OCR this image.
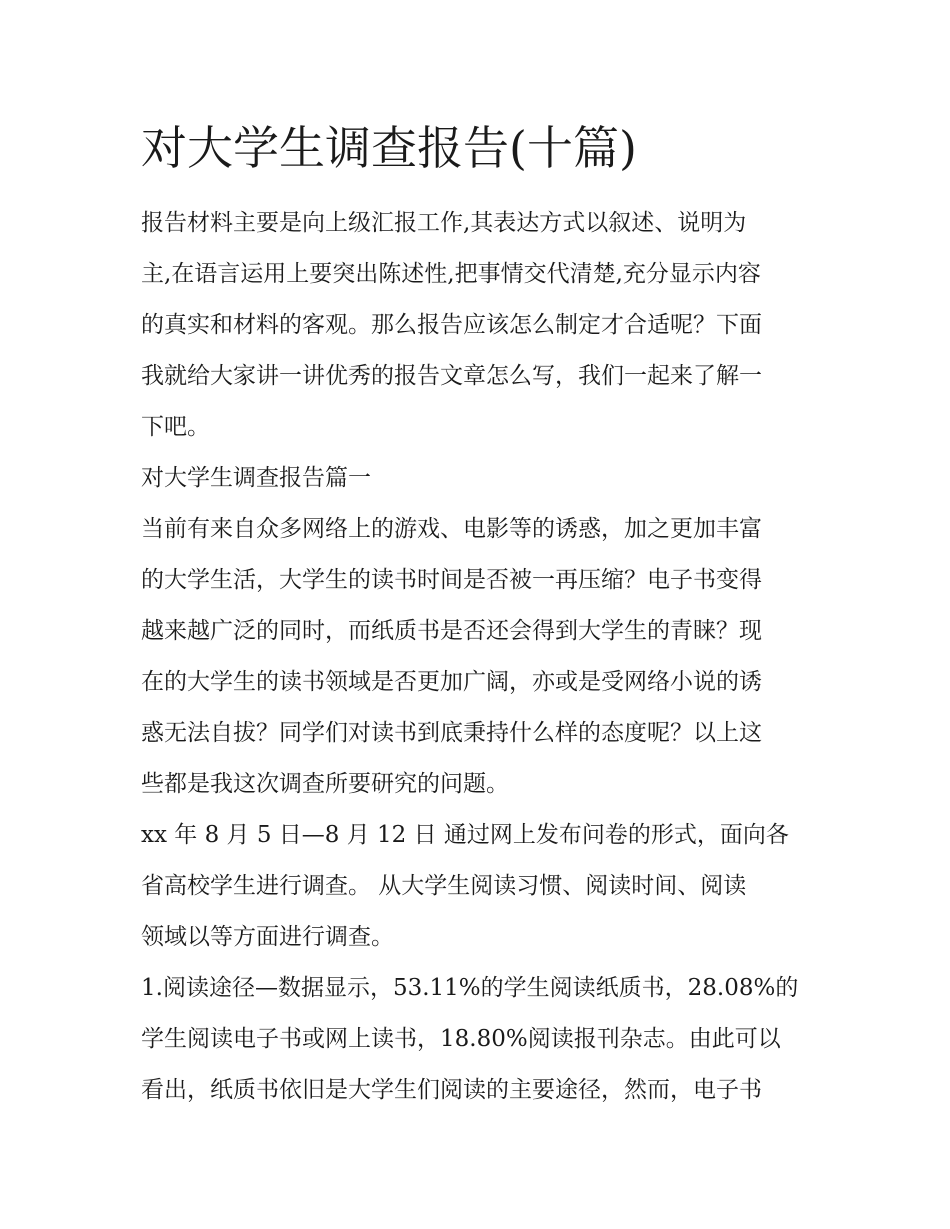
对大学生调查报告(十篇)
报告材料主要是向上级汇报工作,其表达方式以叙述、说明为
主,在语言运用上要突出陈述性,把事情交代清楚,充分显示内容
的真实和材料的客观。那么报告应该怎么制定才合适呢？下面
我就给大家讲一讲优秀的报告文章怎么写，我们一起来了解一
下吧。
对大学生调查报告篇一
当前有来自众多网络上的游戏、电影等的诱惑，加之更加丰富
的大学生活，大学生的读书时间是否被一再压缩？电子书变得
越来越广泛的同时，而纸质书是否还会得到大学生的青睐？现
在的大学生的读书领域是否更加广阔，亦或是受网络小说的诱
惑无法自拔？同学们对读书到底秉持什么样的态度呢？以上这
些都是我这次调查所要研究的问题。
xx 年 8 月 5 日—8 月 12 日 通过网上发布问卷的形式，面向各
省高校学生进行调查。 从大学生阅读习惯、阅读时间、阅读
领域以等方面进行调查。
1.阅读途径—数据显示，53.11%的学生阅读纸质书，28.08%的
学生阅读电子书或网上读书，18.80%阅读报刊杂志。由此可以
看出，纸质书依旧是大学生们阅读的主要途径，然而，电子书
